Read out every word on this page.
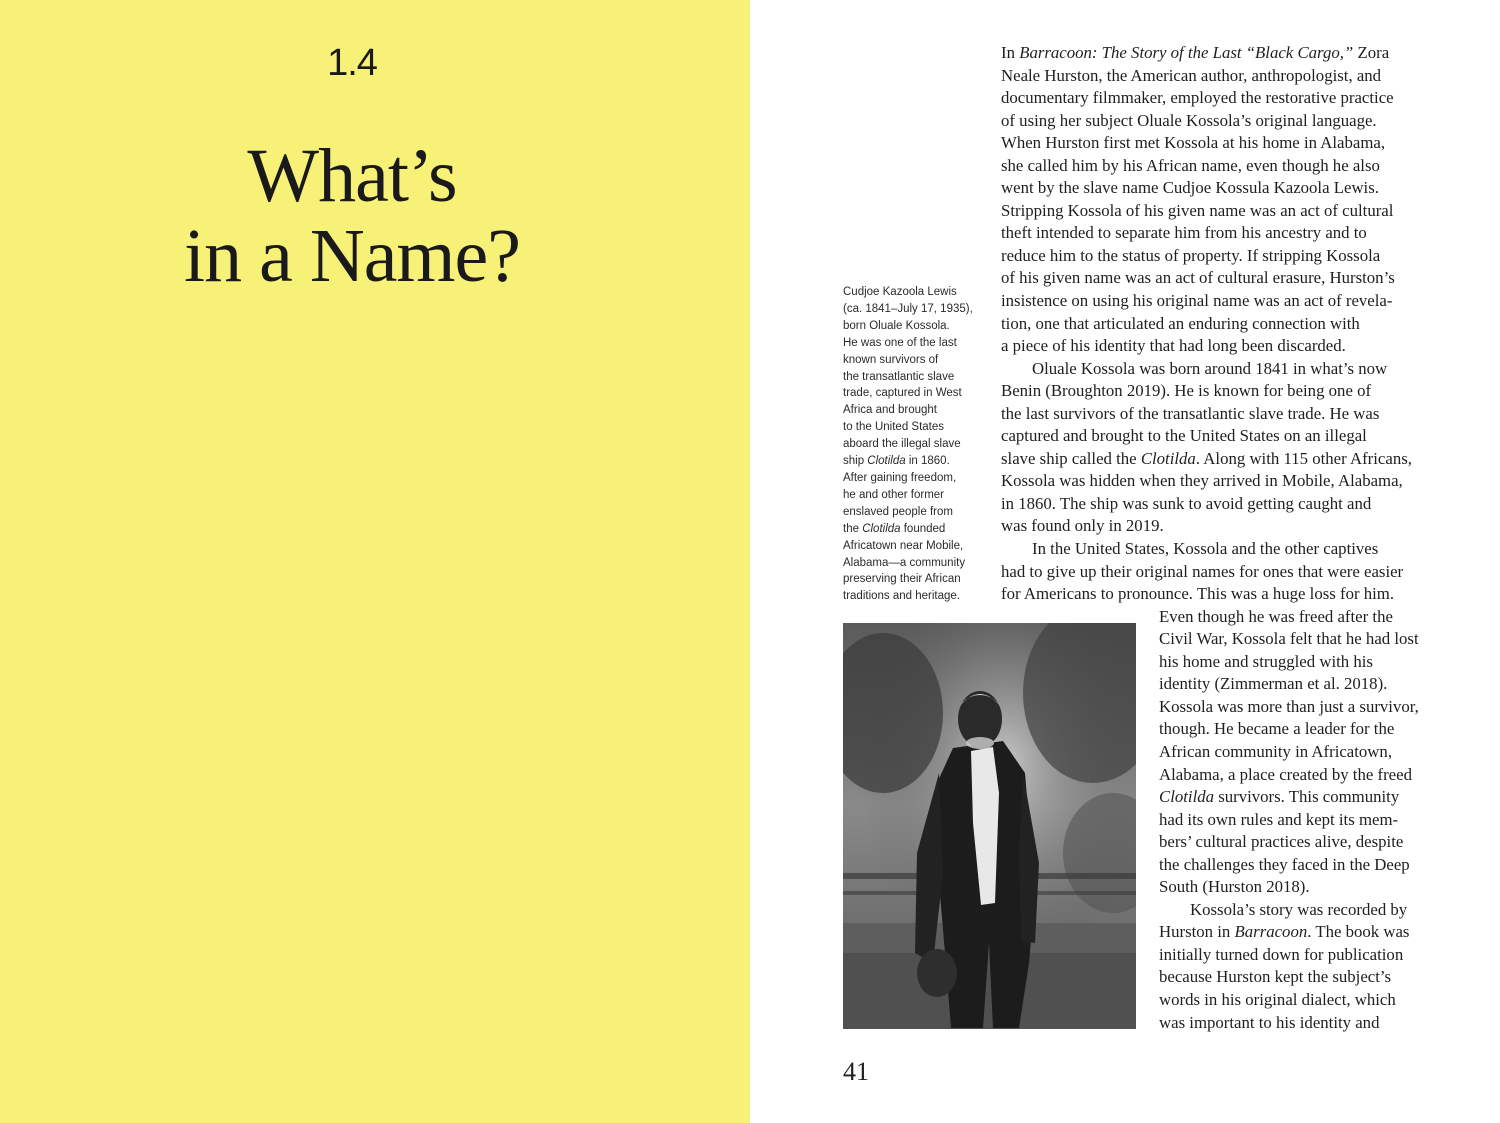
1.4
What’s
in a Name?	Cudjoe Kazoola Lewis
(ca. 1841–July 17, 1935),
born Oluale Kossola.
He was one of the last
known survivors of
the transatlantic slave
trade, captured in West
Africa and brought
to the United States
aboard the illegal slave
ship Clotilda in 1860.
After gaining freedom,
he and other former
enslaved people from
the Clotilda founded
Africatown near Mobile,
Alabama—a community
preserving their African
traditions and heritage.
In Barracoon: The Story of the Last “Black Cargo,” Zora
Neale Hurston, the American author, anthropologist, and
documentary filmmaker, employed the restorative practice
of using her subject Oluale Kossola’s original language.
When Hurston first met Kossola at his home in Alabama,
she called him by his African name, even though he also
went by the slave name Cudjoe Kossula Kazoola Lewis.
Stripping Kossola of his given name was an act of cultural
theft intended to separate him from his ancestry and to
reduce him to the status of property. If stripping Kossola
of his given name was an act of cultural erasure, Hurston’s
insistence on using his original name was an act of revela-
tion, one that articulated an enduring connection with
a piece of his identity that had long been discarded.
Oluale Kossola was born around 1841 in what’s now
Benin (Broughton 2019). He is known for being one of
the last survivors of the transatlantic slave trade. He was
captured and brought to the United States on an illegal
slave ship called the Clotilda. Along with 115 other Africans,
Kossola was hidden when they arrived in Mobile, Alabama,
in 1860. The ship was sunk to avoid getting caught and
was found only in 2019.
In the United States, Kossola and the other captives
had to give up their original names for ones that were easier
for Americans to pronounce. This was a huge loss for him.
Even though he was freed after the
Civil War, Kossola felt that he had lost
his home and struggled with his
identity (Zimmerman et al. 2018).
Kossola was more than just a survivor,
though. He became a leader for the
African community in Africatown,
Alabama, a place created by the freed
Clotilda survivors. This community
had its own rules and kept its mem-
bers’ cultural practices alive, despite
the challenges they faced in the Deep
South (Hurston 2018).
Kossola’s story was recorded by
Hurston in Barracoon. The book was
initially turned down for publication
because Hurston kept the subject’s
words in his original dialect, which
was important to his identity and
41
